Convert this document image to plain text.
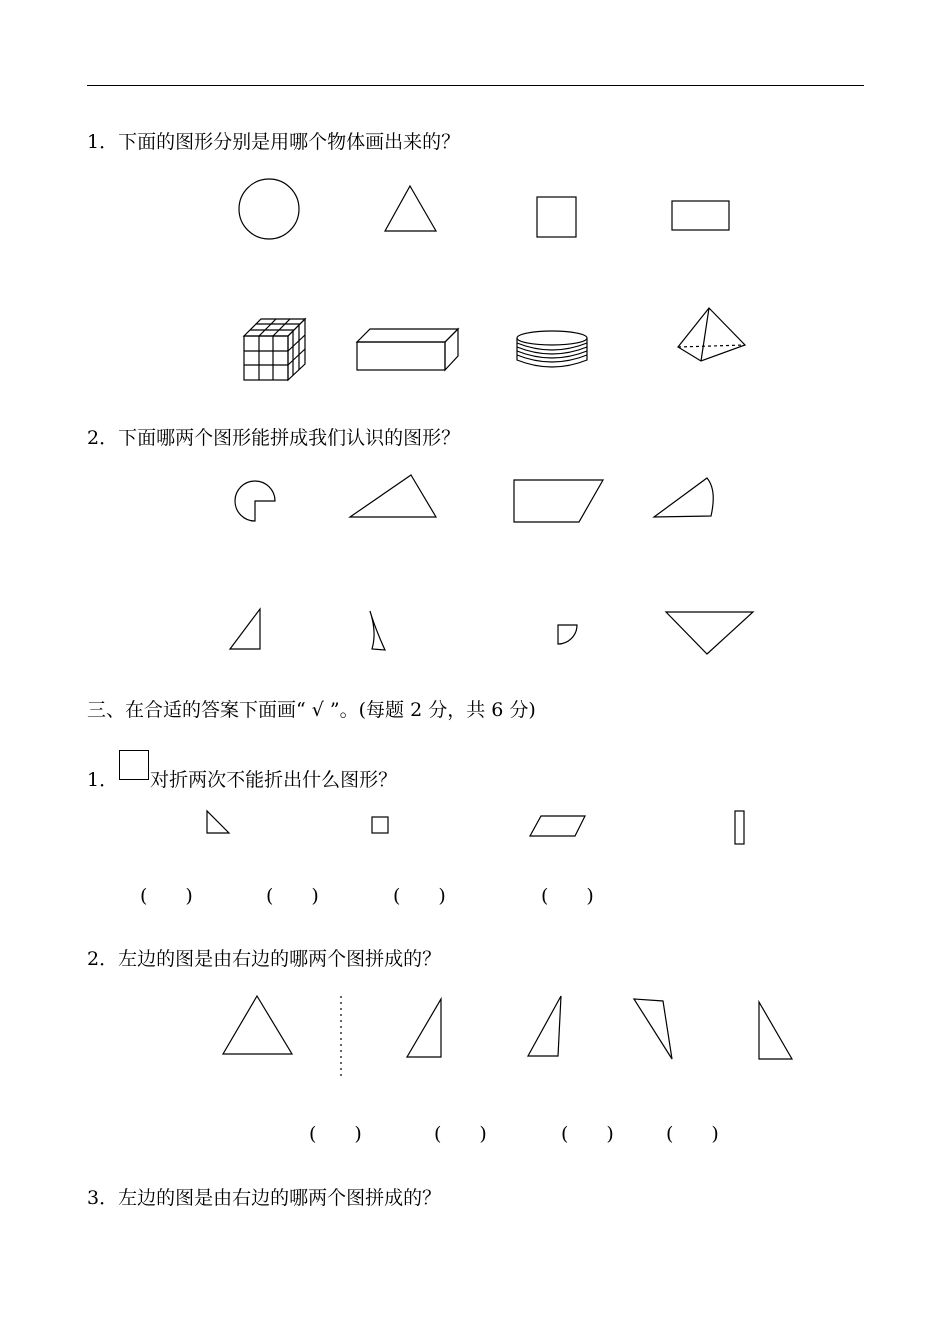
1．下面的图形分别是用哪个物体画出来的？
2．下面哪两个图形能拼成我们认识的图形？
三、在合适的答案下面画“ √ ”。(每题 2 分，共 6 分)
1． 对折两次不能折出什么图形？
(　　)	(　　)	(　　)	(　　)
2．左边的图是由右边的哪两个图拼成的？
(　　)	(　　)	(　　)	(　　)
3．左边的图是由右边的哪两个图拼成的？
